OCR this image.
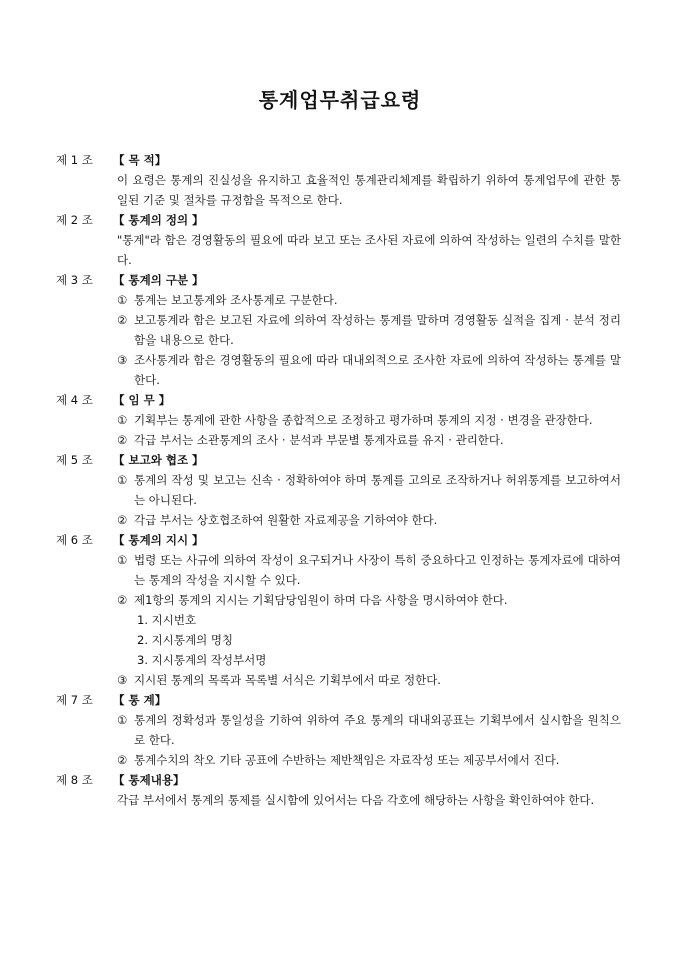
통계업무취급요령
제 1 조 【 목 적】

이 요령은 통계의 진실성을 유지하고 효율적인 통계관리체계를 확립하기 위하여 통계업무에 관한 통일된 기준 및 절차를 규정함을 목적으로 한다.

제 2 조 【 통계의 정의 】

"통계"라 함은 경영활동의 필요에 따라 보고 또는 조사된 자료에 의하여 작성하는 일련의 수치를 말한다.

제 3 조 【 통계의 구분 】
① 통계는 보고통계와 조사통계로 구분한다.
② 보고통계라 함은 보고된 자료에 의하여 작성하는 통계를 말하며 경영활동 실적을 집계 · 분석 정리함을 내용으로 한다.
③ 조사통계라 함은 경영활동의 필요에 따라 대내외적으로 조사한 자료에 의하여 작성하는 통계를 말한다.
제 4 조 【 임 무 】
① 기획부는 통계에 관한 사항을 종합적으로 조정하고 평가하며 통계의 지정 · 변경을 관장한다.
② 각급 부서는 소관통계의 조사 · 분석과 부문별 통계자료를 유지 · 관리한다.
제 5 조 【 보고와 협조 】
① 통계의 작성 및 보고는 신속 · 정확하여야 하며 통계를 고의로 조작하거나 허위통계를 보고하여서는 아니된다.
② 각급 부서는 상호협조하여 원활한 자료제공을 기하여야 한다.
제 6 조 【 통계의 지시 】
① 법령 또는 사규에 의하여 작성이 요구되거나 사장이 특히 중요하다고 인정하는 통계자료에 대하여는 통계의 작성을 지시할 수 있다.
② 제1항의 통계의 지시는 기획담당임원이 하며 다음 사항을 명시하여야 한다.
1. 지시번호
2. 지시통계의 명칭
3. 지시통계의 작성부서명
③ 지시된 통계의 목록과 목록별 서식은 기획부에서 따로 정한다.
제 7 조 【 통 계】
① 통계의 정확성과 통일성을 기하여 위하여 주요 통계의 대내외공표는 기획부에서 실시함을 원칙으로 한다.
② 통계수치의 착오 기타 공표에 수반하는 제반책임은 자료작성 또는 제공부서에서 진다.
제 8 조 【 통제내용】

각급 부서에서 통계의 통제를 실시함에 있어서는 다음 각호에 해당하는 사항을 확인하여야 한다.
